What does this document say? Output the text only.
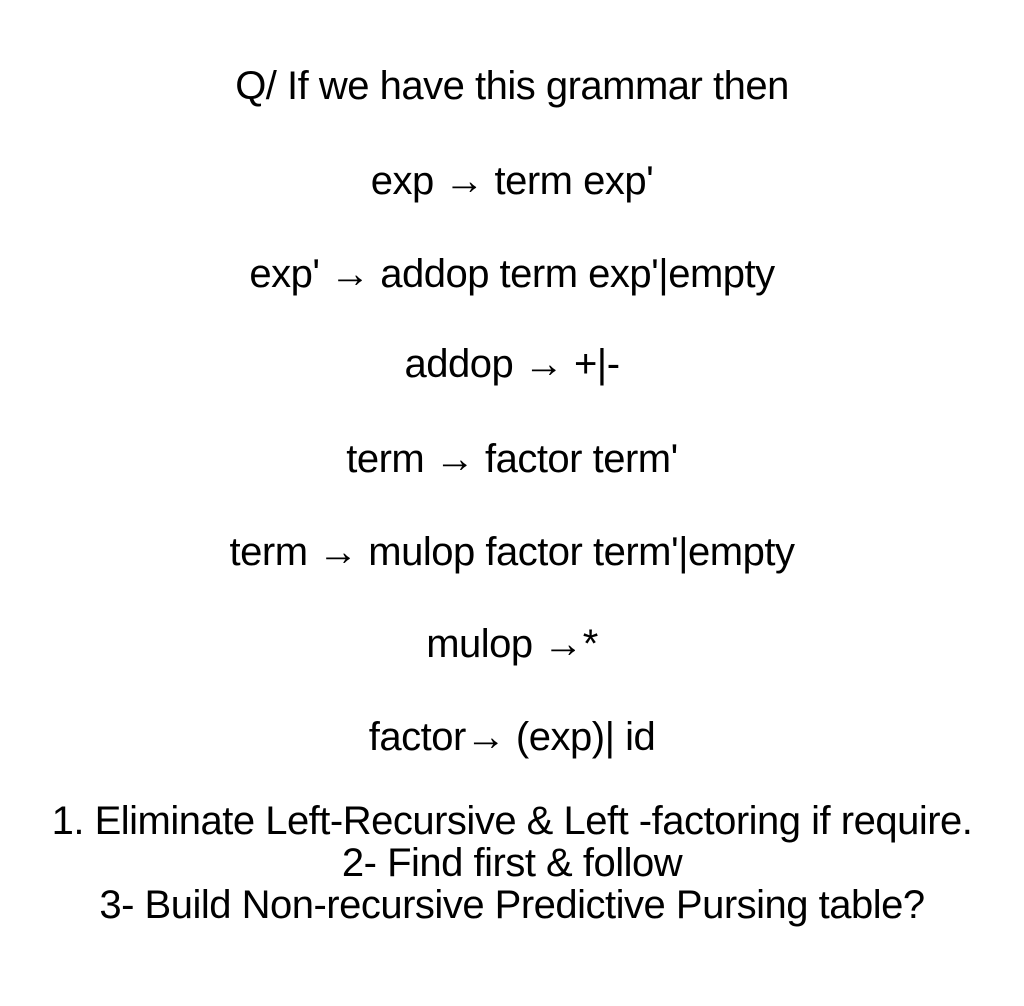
Q/ If we have this grammar then
exp → term exp'
exp' → addop term exp'|empty
addop → +|-
term → factor term'
term → mulop factor term'|empty
mulop →*
factor→ (exp)| id
1. Eliminate Left-Recursive & Left -factoring if require.
2- Find first & follow
3- Build Non-recursive Predictive Pursing table?
